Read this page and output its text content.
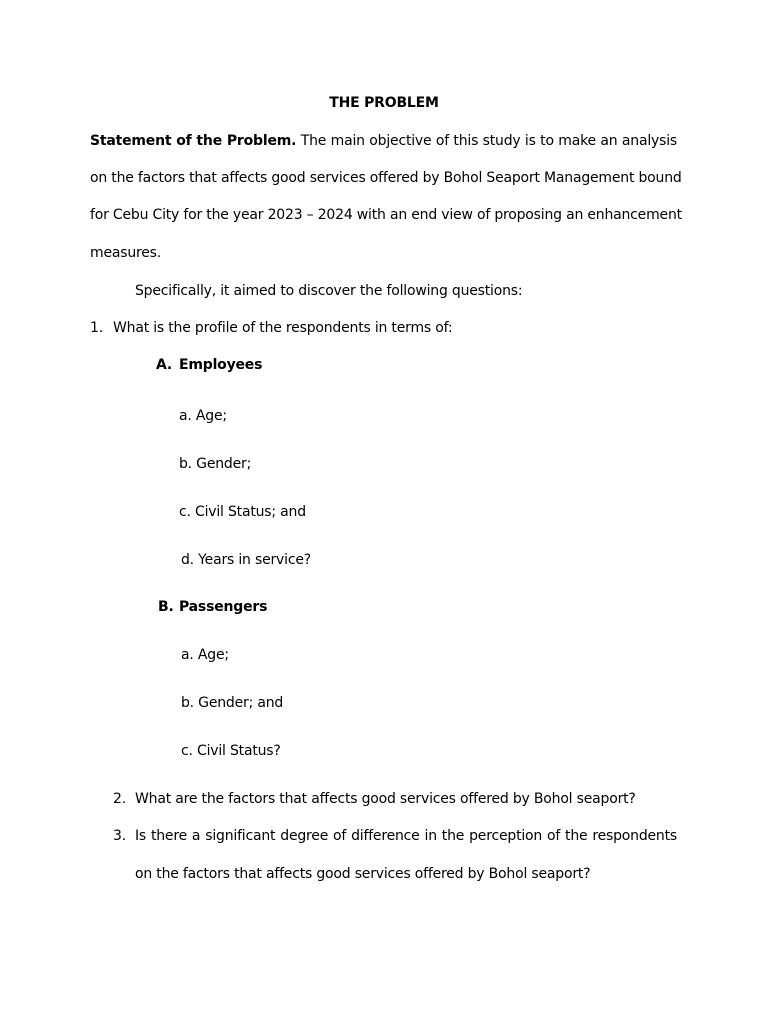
THE PROBLEM
Statement of the Problem. The main objective of this study is to make an analysis
on the factors that affects good services offered by Bohol Seaport Management bound
for Cebu City for the year 2023 – 2024 with an end view of proposing an enhancement
measures.
Specifically, it aimed to discover the following questions:
1. What is the profile of the respondents in terms of:
A. Employees
a. Age;
b. Gender;
c. Civil Status; and
d. Years in service?
B. Passengers
a. Age;
b. Gender; and
c. Civil Status?
2. What are the factors that affects good services offered by Bohol seaport?
3. Is there a significant degree of difference in the perception of the respondents
on the factors that affects good services offered by Bohol seaport?
